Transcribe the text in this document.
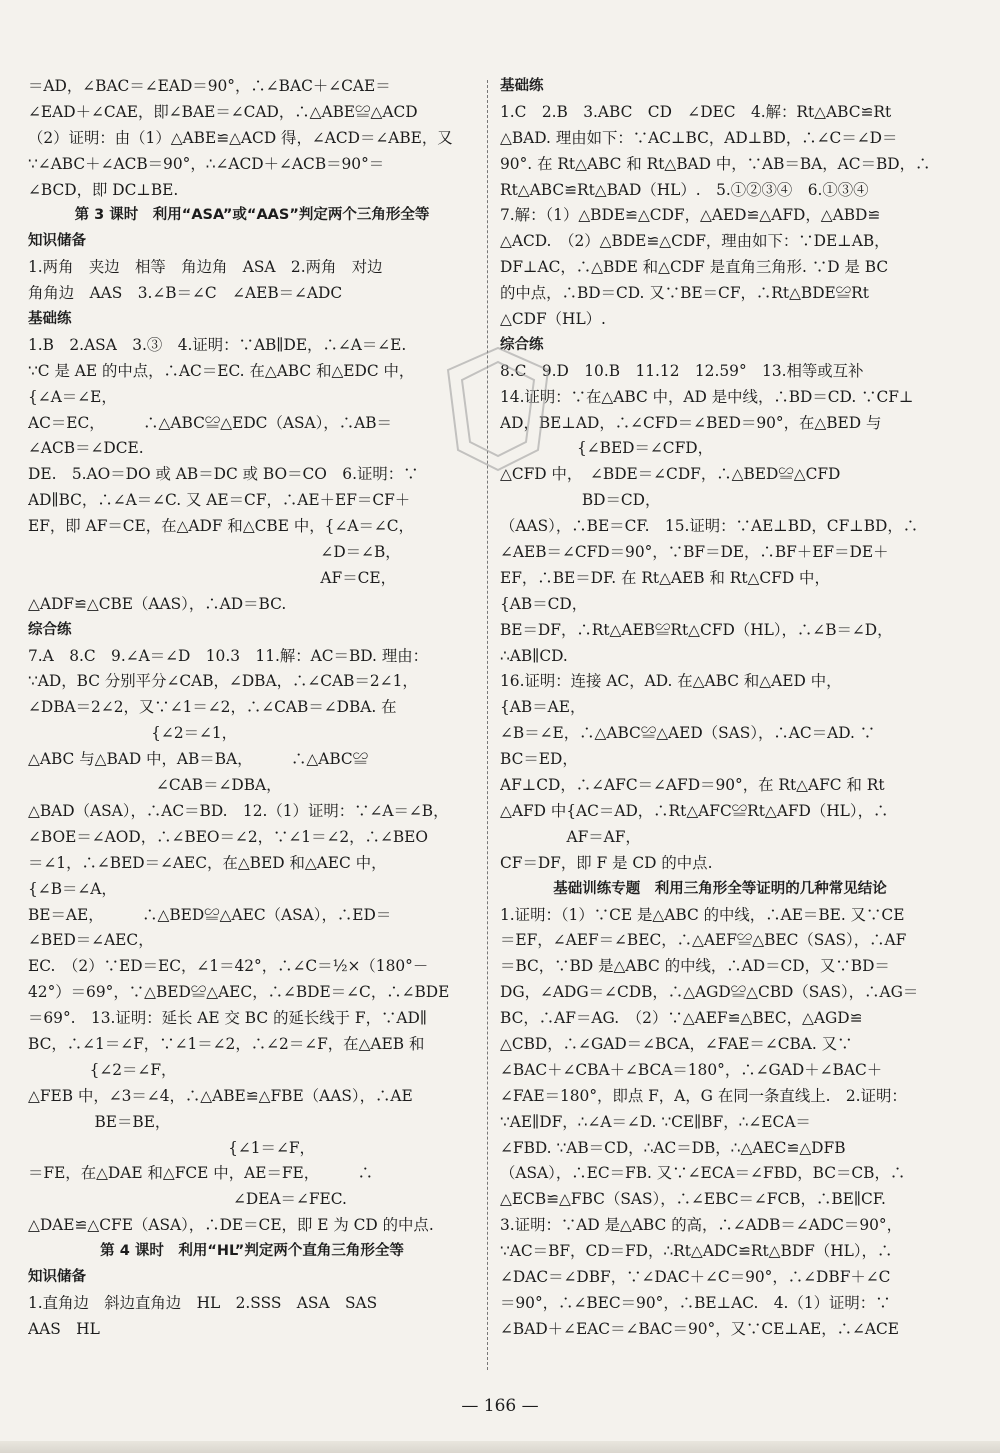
＝AD，∠BAC＝∠EAD＝90°，∴∠BAC＋∠CAE＝
∠EAD＋∠CAE，即∠BAE＝∠CAD，∴△ABE≌△ACD
（2）证明：由（1）△ABE≌△ACD 得，∠ACD＝∠ABE，又
∵∠ABC＋∠ACB＝90°，∴∠ACD＋∠ACB＝90°＝
∠BCD，即 DC⊥BE.
第 3 课时　利用“ASA”或“AAS”判定两个三角形全等
知识储备
1.两角　夹边　相等　角边角　ASA　2.两角　对边
角角边　AAS　3.∠B＝∠C　∠AEB＝∠ADC
基础练
1.B　2.ASA　3.③　4.证明：∵AB∥DE，∴∠A＝∠E.
∵C 是 AE 的中点，∴AC＝EC. 在△ABC 和△EDC 中，
{∠A＝∠E，
AC＝EC，　　　∴△ABC≌△EDC（ASA），∴AB＝
∠ACB＝∠DCE.
DE.　5.AO＝DO 或 AB＝DC 或 BO＝CO　6.证明：∵
AD∥BC，∴∠A＝∠C. 又 AE＝CF，∴AE＋EF＝CF＋
EF，即 AF＝CE，在△ADF 和△CBE 中，{∠A＝∠C，
　　　　　　　　　　　　　　　　　　　∠D＝∠B，
　　　　　　　　　　　　　　　　　　　AF＝CE，
△ADF≌△CBE（AAS），∴AD＝BC.
综合练
7.A　8.C　9.∠A＝∠D　10.3　11.解：AC＝BD. 理由：
∵AD，BC 分别平分∠CAB，∠DBA，∴∠CAB＝2∠1，
∠DBA＝2∠2，又∵∠1＝∠2，∴∠CAB＝∠DBA. 在
　　　　　　　　{∠2＝∠1，
△ABC 与△BAD 中，AB＝BA，　　　∴△ABC≌
　　　　　　　　 ∠CAB＝∠DBA，
△BAD（ASA），∴AC＝BD.　12.（1）证明：∵∠A＝∠B，
∠BOE＝∠AOD，∴∠BEO＝∠2，∵∠1＝∠2，∴∠BEO
＝∠1，∴∠BED＝∠AEC，在△BED 和△AEC 中，
{∠B＝∠A，
BE＝AE，　　　∴△BED≌△AEC（ASA），∴ED＝
∠BED＝∠AEC，
EC.　（2）∵ED＝EC，∠1＝42°，∴∠C＝½×（180°－
42°）＝69°，∵△BED≌△AEC，∴∠BDE＝∠C，∴∠BDE
＝69°.　13.证明：延长 AE 交 BC 的延长线于 F，∵AD∥
BC，∴∠1＝∠F，∵∠1＝∠2，∴∠2＝∠F，在△AEB 和
　　　　{∠2＝∠F，
△FEB 中，∠3＝∠4，∴△ABE≌△FBE（AAS），∴AE
　　　　 BE＝BE，
　　　　　　　　　　　　　{∠1＝∠F，
＝FE，在△DAE 和△FCE 中，AE＝FE，　　　∴
　　　　　　　　　　　　　 ∠DEA＝∠FEC.
△DAE≌△CFE（ASA），∴DE＝CE，即 E 为 CD 的中点.
第 4 课时　利用“HL”判定两个直角三角形全等
知识储备
1.直角边　斜边直角边　HL　2.SSS　ASA　SAS
AAS　HL
基础练
1.C　2.B　3.ABC　CD　∠DEC　4.解：Rt△ABC≌Rt
△BAD. 理由如下：∵AC⊥BC，AD⊥BD，∴∠C＝∠D＝
90°. 在 Rt△ABC 和 Rt△BAD 中，∵AB＝BA，AC＝BD，∴
Rt△ABC≌Rt△BAD（HL）.　5.①②③④　6.①③④
7.解：（1）△BDE≌△CDF，△AED≌△AFD，△ABD≌
△ACD.　（2）△BDE≌△CDF，理由如下：∵DE⊥AB，
DF⊥AC，∴△BDE 和△CDF 是直角三角形. ∵D 是 BC
的中点，∴BD＝CD. 又∵BE＝CF，∴Rt△BDE≌Rt
△CDF（HL）.
综合练
8.C　9.D　10.B　11.12　12.59°　13.相等或互补
14.证明：∵在△ABC 中，AD 是中线，∴BD＝CD. ∵CF⊥
AD，BE⊥AD，∴∠CFD＝∠BED＝90°，在△BED 与
　　　　　{∠BED＝∠CFD，
△CFD 中，　∠BDE＝∠CDF，∴△BED≌△CFD
　　　　　 BD＝CD，
（AAS），∴BE＝CF.　15.证明：∵AE⊥BD，CF⊥BD，∴
∠AEB＝∠CFD＝90°，∵BF＝DE，∴BF＋EF＝DE＋
EF，∴BE＝DF. 在 Rt△AEB 和 Rt△CFD 中，
{AB＝CD，
BE＝DF，∴Rt△AEB≌Rt△CFD（HL），∴∠B＝∠D，
∴AB∥CD.
16.证明：连接 AC，AD. 在△ABC 和△AED 中，
{AB＝AE，
∠B＝∠E，∴△ABC≌△AED（SAS），∴AC＝AD. ∵
BC＝ED，
AF⊥CD，∴∠AFC＝∠AFD＝90°，在 Rt△AFC 和 Rt
△AFD 中{AC＝AD，∴Rt△AFC≌Rt△AFD（HL），∴
　　　　 AF＝AF，
CF＝DF，即 F 是 CD 的中点.
基础训练专题　利用三角形全等证明的几种常见结论
1.证明：（1）∵CE 是△ABC 的中线，∴AE＝BE. 又∵CE
＝EF，∠AEF＝∠BEC，∴△AEF≌△BEC（SAS），∴AF
＝BC，∵BD 是△ABC 的中线，∴AD＝CD，又∵BD＝
DG，∠ADG＝∠CDB，∴△AGD≌△CBD（SAS），∴AG＝
BC，∴AF＝AG.　（2）∵△AEF≌△BEC，△AGD≌
△CBD，∴∠GAD＝∠BCA，∠FAE＝∠CBA. 又∵
∠BAC＋∠CBA＋∠BCA＝180°，∴∠GAD＋∠BAC＋
∠FAE＝180°，即点 F，A，G 在同一条直线上.　2.证明：
∵AE∥DF，∴∠A＝∠D. ∵CE∥BF，∴∠ECA＝
∠FBD. ∵AB＝CD，∴AC＝DB，∴△AEC≌△DFB
（ASA），∴EC＝FB. 又∵∠ECA＝∠FBD，BC＝CB，∴
△ECB≌△FBC（SAS），∴∠EBC＝∠FCB，∴BE∥CF.
3.证明：∵AD 是△ABC 的高，∴∠ADB＝∠ADC＝90°，
∵AC＝BF，CD＝FD，∴Rt△ADC≌Rt△BDF（HL），∴
∠DAC＝∠DBF，∵∠DAC＋∠C＝90°，∴∠DBF＋∠C
＝90°，∴∠BEC＝90°，∴BE⊥AC.　4.（1）证明：∵
∠BAD＋∠EAC＝∠BAC＝90°，又∵CE⊥AE，∴∠ACE
— 166 —
